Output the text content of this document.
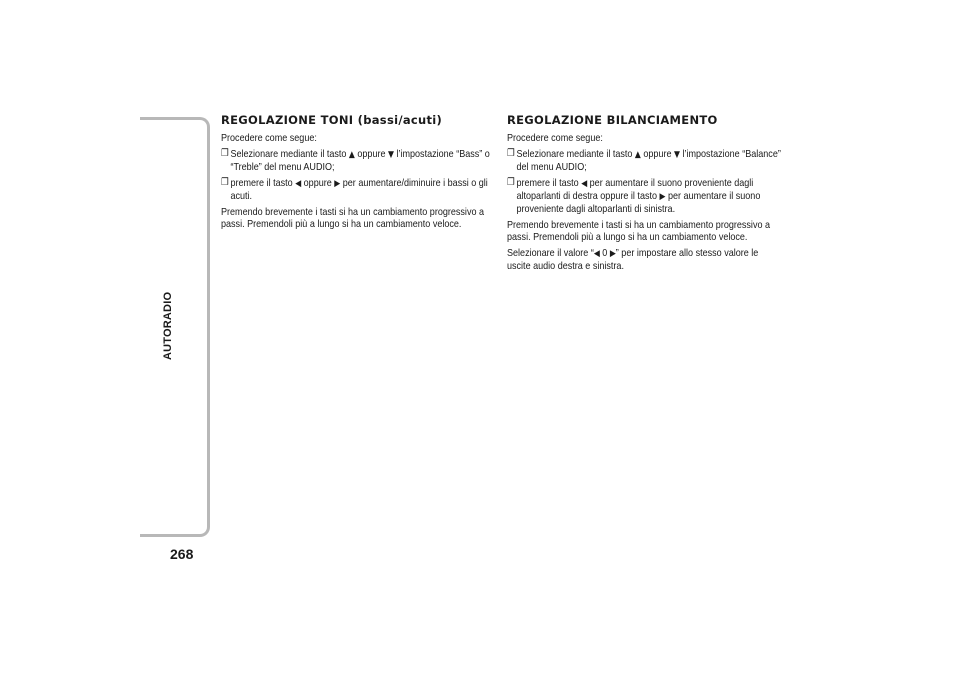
AUTORADIO
268
REGOLAZIONE TONI (bassi/acuti)

Procedere come segue:

❐ Selezionare mediante il tasto ▲ oppure ▼ l’impostazione “Bass” o “Treble” del menu AUDIO;
❐ premere il tasto ◀ oppure ▶ per aumentare/diminuire i bassi o gli acuti.

Premendo brevemente i tasti si ha un cambiamento progressivo a passi. Premendoli più a lungo si ha un cambiamento veloce.

REGOLAZIONE BILANCIAMENTO

Procedere come segue:

❐ Selezionare mediante il tasto ▲ oppure ▼ l’impostazione “Balance” del menu AUDIO;
❐ premere il tasto ◀ per aumentare il suono proveniente dagli altoparlanti di destra oppure il tasto ▶ per aumentare il suono proveniente dagli altoparlanti di sinistra.

Premendo brevemente i tasti si ha un cambiamento progressivo a passi. Premendoli più a lungo si ha un cambiamento veloce.

Selezionare il valore “◀ 0 ▶” per impostare allo stesso valore le uscite audio destra e sinistra.
